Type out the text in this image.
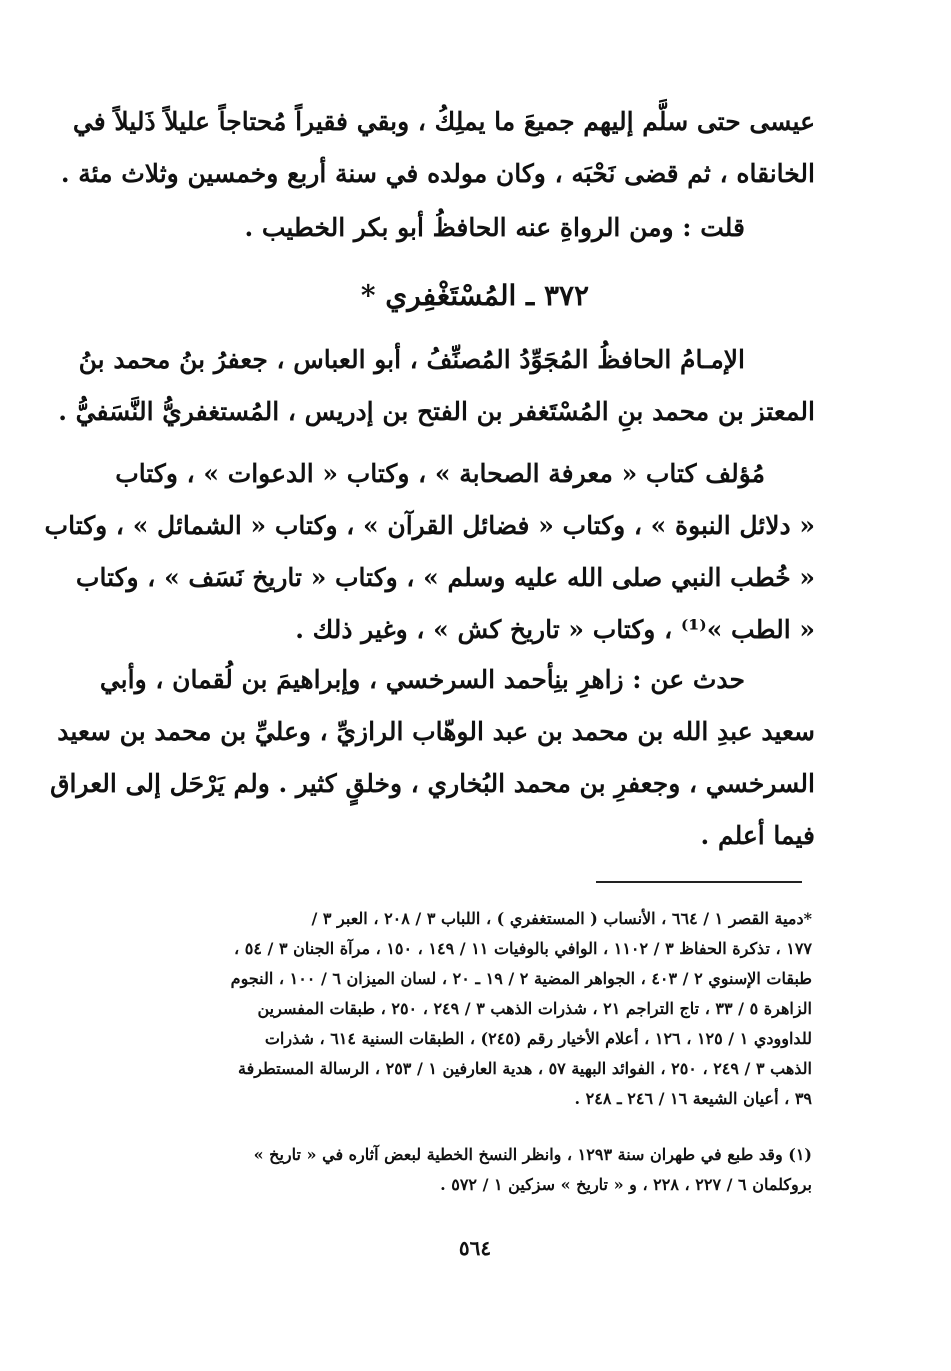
عيسى حتى سلَّم إليهم جميعَ ما يملِكُ ، وبقي فقيراً مُحتاجاً عليلاً ذَليلاً في
الخانقاه ، ثم قضى نَحْبَه ، وكان مولده في سنة أربع وخمسين وثلاث مئة .
قلت : ومن الرواةِ عنه الحافظُ أبو بكر الخطيب .
٣٧٢ ـ المُسْتَغْفِري *
الإمـامُ الحافظُ المُجَوِّدُ المُصنِّفُ ، أبو العباس ، جعفرُ بنُ محمد بنُ
المعتز بن محمد بنِ المُسْتَغفر بن الفتح بن إدريس ، المُستغفريُّ النَّسَفيُّ .
مُؤلف كتاب « معرفة الصحابة » ، وكتاب « الدعوات » ، وكتاب
« دلائل النبوة » ، وكتاب « فضائل القرآن » ، وكتاب « الشمائل » ، وكتاب
« خُطب النبي صلى الله عليه وسلم » ، وكتاب « تاريخ نَسَف » ، وكتاب
« الطب »⁽¹⁾ ، وكتاب « تاريخ كش » ، وغير ذلك .
حدث عن : زاهرِ بنِأحمد السرخسي ، وإبراهيمَ بن لُقمان ، وأبي
سعيد عبدِ الله بن محمد بن عبد الوهّاب الرازيِّ ، وعليِّ بن محمد بن سعيد
السرخسي ، وجعفرِ بن محمد البُخاري ، وخلقٍ كثير . ولم يَرْحَل إلى العراق
فيما أعلم .
*دمية القصر ١ / ٦٦٤ ، الأنساب ( المستغفري ) ، اللباب ٣ / ٢٠٨ ، العبر ٣ /
١٧٧ ، تذكرة الحفاظ ٣ / ١١٠٢ ، الوافي بالوفيات ١١ / ١٤٩ ، ١٥٠ ، مرآة الجنان ٣ / ٥٤ ،
طبقات الإسنوي ٢ / ٤٠٣ ، الجواهر المضية ٢ / ١٩ ـ ٢٠ ، لسان الميزان ٦ / ١٠٠ ، النجوم
الزاهرة ٥ / ٣٣ ، تاج التراجم ٢١ ، شذرات الذهب ٣ / ٢٤٩ ، ٢٥٠ ، طبقات المفسرين
للداوودي ١ / ١٢٥ ، ١٢٦ ، أعلام الأخيار رقم (٢٤٥) ، الطبقات السنية ٦١٤ ، شذرات
الذهب ٣ / ٢٤٩ ، ٢٥٠ ، الفوائد البهية ٥٧ ، هدية العارفين ١ / ٢٥٣ ، الرسالة المستطرفة
٣٩ ، أعيان الشيعة ١٦ / ٢٤٦ ـ ٢٤٨ .
(١) وقد طبع في طهران سنة ١٢٩٣ ، وانظر النسخ الخطية لبعض آثاره في « تاريخ »
بروكلمان ٦ / ٢٢٧ ، ٢٢٨ ، و « تاريخ » سزكين ١ / ٥٧٢ .
٥٦٤
